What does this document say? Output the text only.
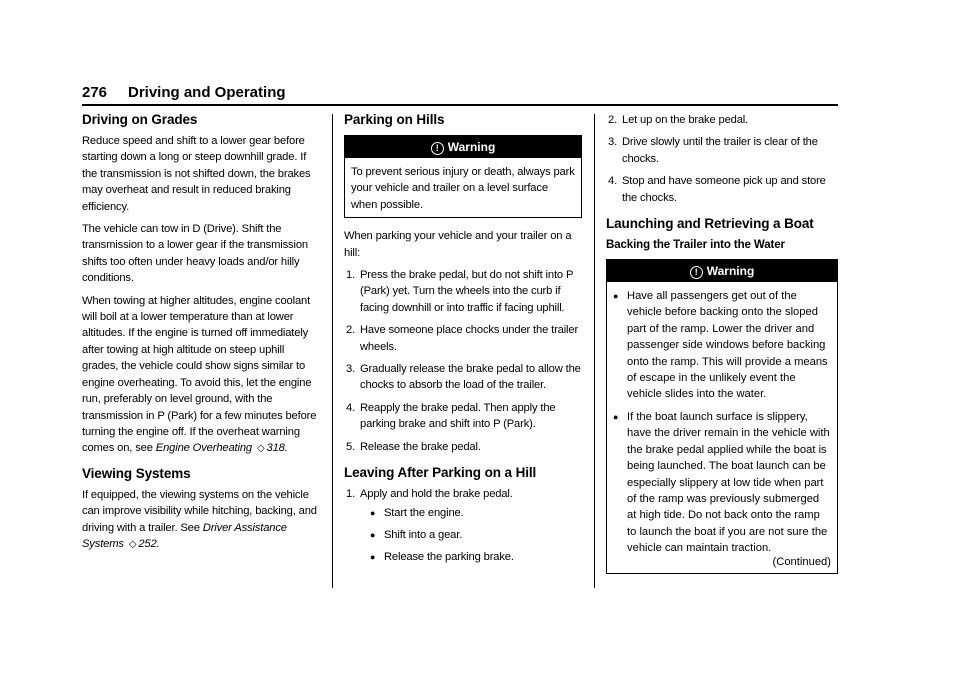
276 Driving and Operating
Driving on Grades

Reduce speed and shift to a lower gear before starting down a long or steep downhill grade. If the transmission is not shifted down, the brakes may overheat and result in reduced braking efficiency.

The vehicle can tow in D (Drive). Shift the transmission to a lower gear if the transmission shifts too often under heavy loads and/or hilly conditions.

When towing at higher altitudes, engine coolant will boil at a lower temperature than at lower altitudes. If the engine is turned off immediately after towing at high altitude on steep uphill grades, the vehicle could show signs similar to engine overheating. To avoid this, let the engine run, preferably on level ground, with the transmission in P (Park) for a few minutes before turning the engine off. If the overheat warning comes on, see Engine Overheating ◇ 318.

Viewing Systems

If equipped, the viewing systems on the vehicle can improve visibility while hitching, backing, and driving with a trailer. See Driver Assistance Systems ◇ 252.

Parking on Hills
! Warning

To prevent serious injury or death, always park your vehicle and trailer on a level surface when possible.

When parking your vehicle and your trailer on a hill:

1. Press the brake pedal, but do not shift into P (Park) yet. Turn the wheels into the curb if facing downhill or into traffic if facing uphill.
2. Have someone place chocks under the trailer wheels.
3. Gradually release the brake pedal to allow the chocks to absorb the load of the trailer.
4. Reapply the brake pedal. Then apply the parking brake and shift into P (Park).
5. Release the brake pedal.
Leaving After Parking on a Hill
1. Apply and hold the brake pedal.
● Start the engine.
● Shift into a gear.
● Release the parking brake.
2. Let up on the brake pedal.
3. Drive slowly until the trailer is clear of the chocks.
4. Stop and have someone pick up and store the chocks.
Launching and Retrieving a Boat
Backing the Trailer into the Water
! Warning
● Have all passengers get out of the vehicle before backing onto the sloped part of the ramp. Lower the driver and passenger side windows before backing onto the ramp. This will provide a means of escape in the unlikely event the vehicle slides into the water.
● If the boat launch surface is slippery, have the driver remain in the vehicle with the brake pedal applied while the boat is being launched. The boat launch can be especially slippery at low tide when part of the ramp was previously submerged at high tide. Do not back onto the ramp to launch the boat if you are not sure the vehicle can maintain traction.
(Continued)
